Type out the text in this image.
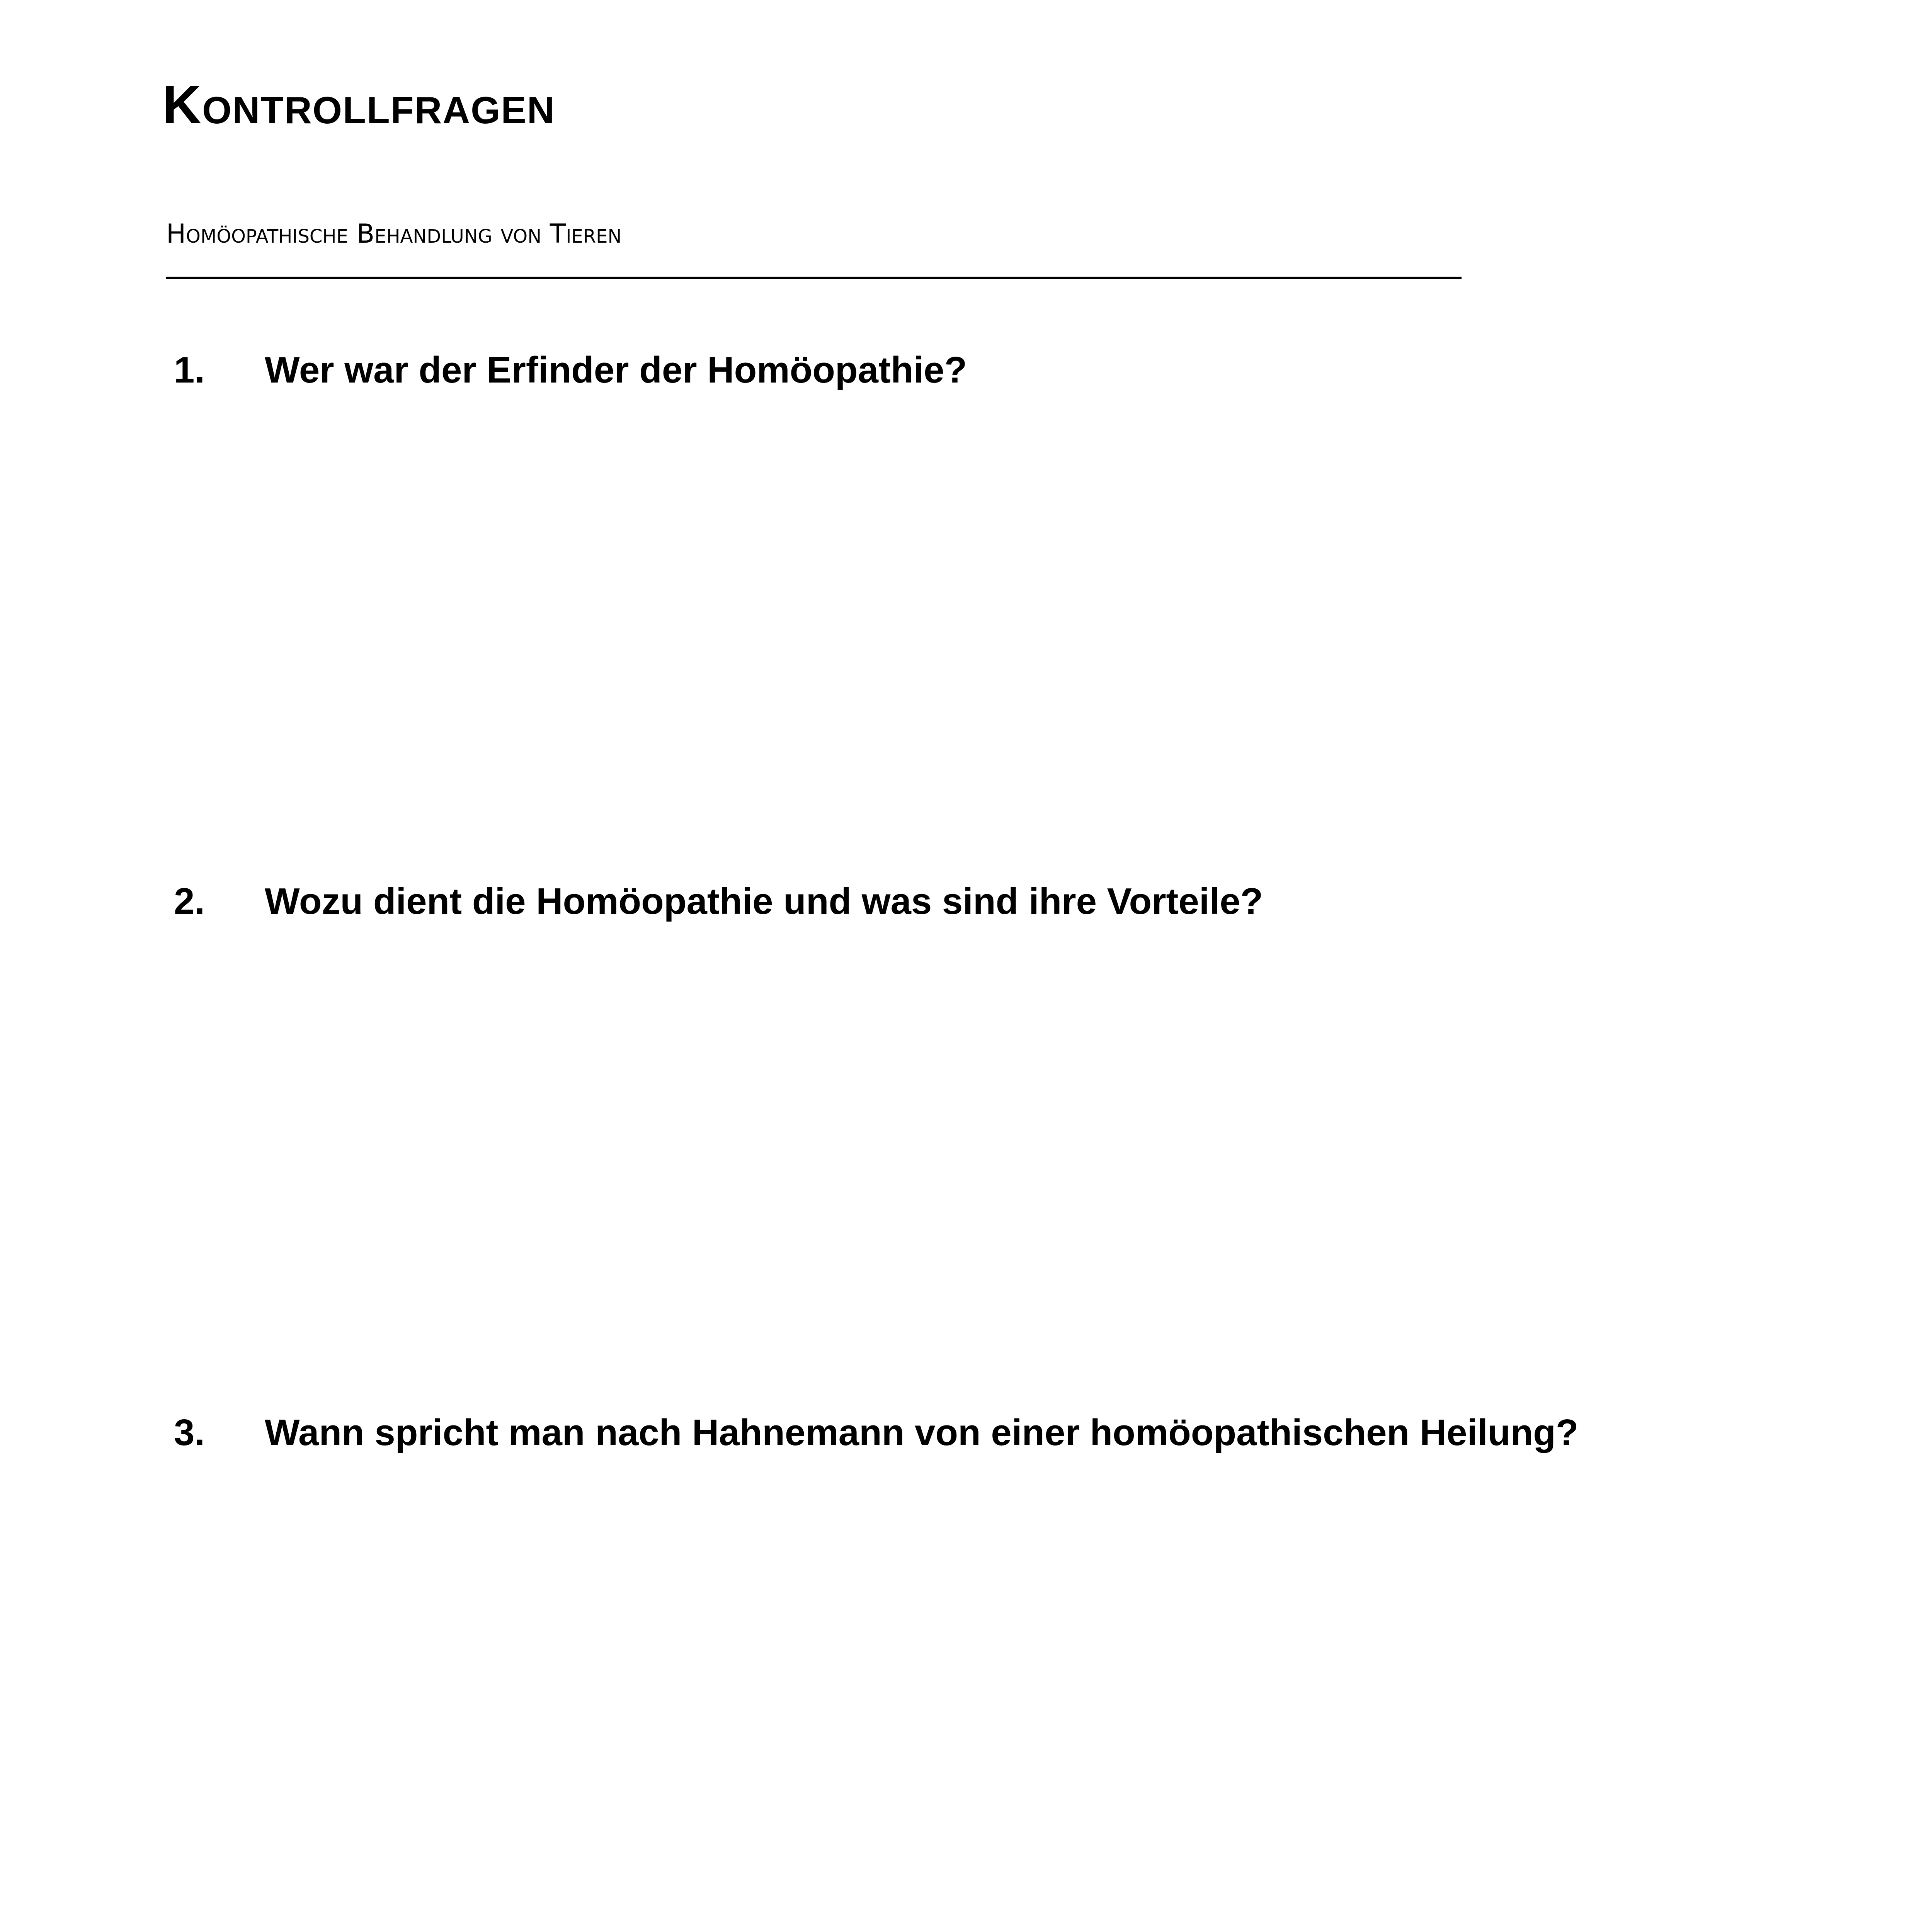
Kontrollfragen
Homöopathische Behandlung von Tieren
1. Wer war der Erfinder der Homöopathie?
2. Wozu dient die Homöopathie und was sind ihre Vorteile?
3. Wann spricht man nach Hahnemann von einer homöopathischen Heilung?
